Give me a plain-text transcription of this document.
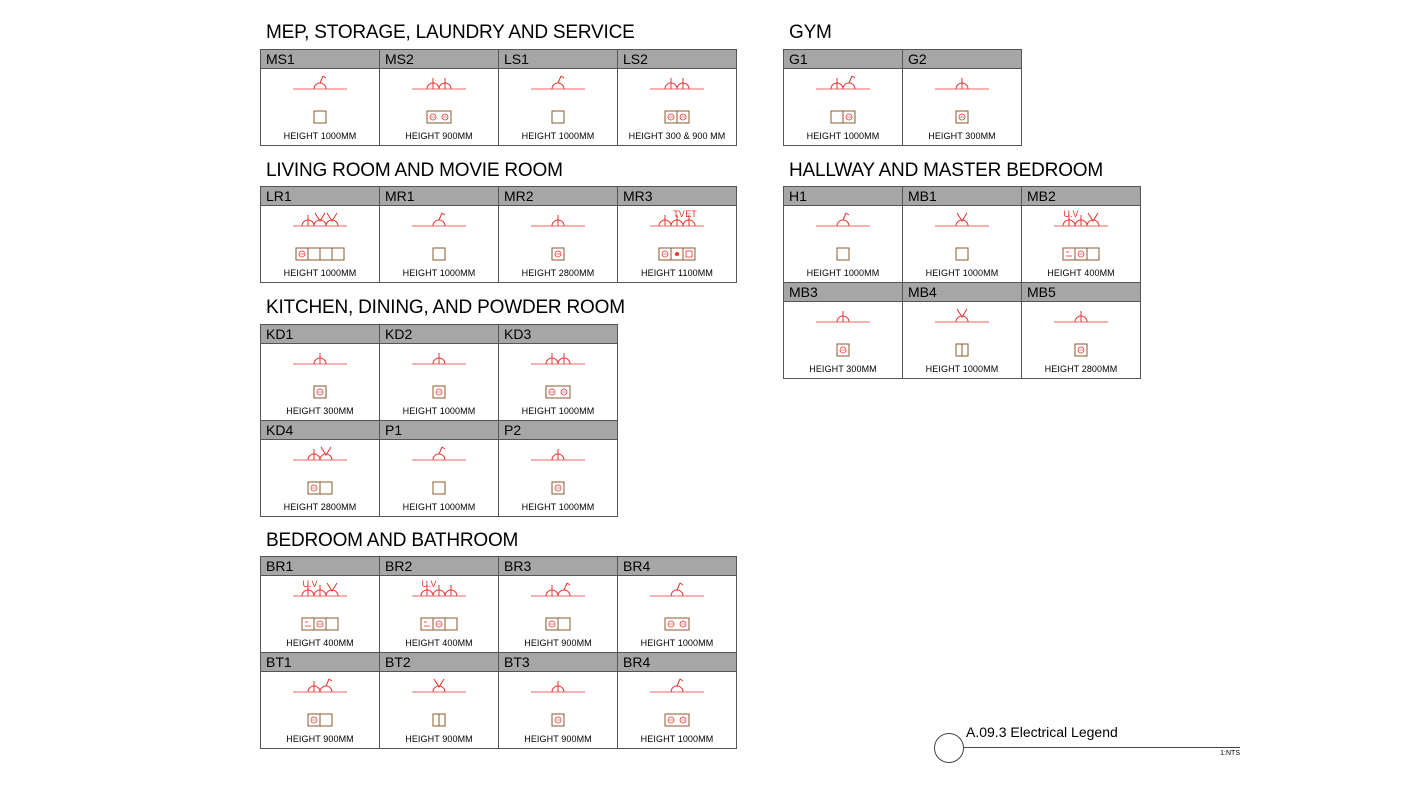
MEP, STORAGE, LAUNDRY AND SERVICE
MS1
HEIGHT 1000MM
MS2
HEIGHT 900MM
LS1
HEIGHT 1000MM
LS2
HEIGHT 300 & 900 MM
LIVING ROOM AND MOVIE ROOM
LR1
HEIGHT 1000MM
MR1
HEIGHT 1000MM
MR2
HEIGHT 2800MM
MR3
TV ET
HEIGHT 1100MM
KITCHEN, DINING, AND POWDER ROOM
KD1
HEIGHT 300MM
KD2
HEIGHT 1000MM
KD3
HEIGHT 1000MM
KD4
HEIGHT 2800MM
P1
HEIGHT 1000MM
P2
HEIGHT 1000MM
BEDROOM AND BATHROOM
BR1
U.V
HEIGHT 400MM
BR2
U.V
HEIGHT 400MM
BR3
HEIGHT 900MM
BR4
HEIGHT 1000MM
BT1
HEIGHT 900MM
BT2
HEIGHT 900MM
BT3
HEIGHT 900MM
BR4
HEIGHT 1000MM
GYM
G1
HEIGHT 1000MM
G2
HEIGHT 300MM
HALLWAY AND MASTER BEDROOM
H1
HEIGHT 1000MM
MB1
HEIGHT 1000MM
MB2
U.V
HEIGHT 400MM
MB3
HEIGHT 300MM
MB4
HEIGHT 1000MM
MB5
HEIGHT 2800MM
A.09.3 Electrical Legend
1:NTS
